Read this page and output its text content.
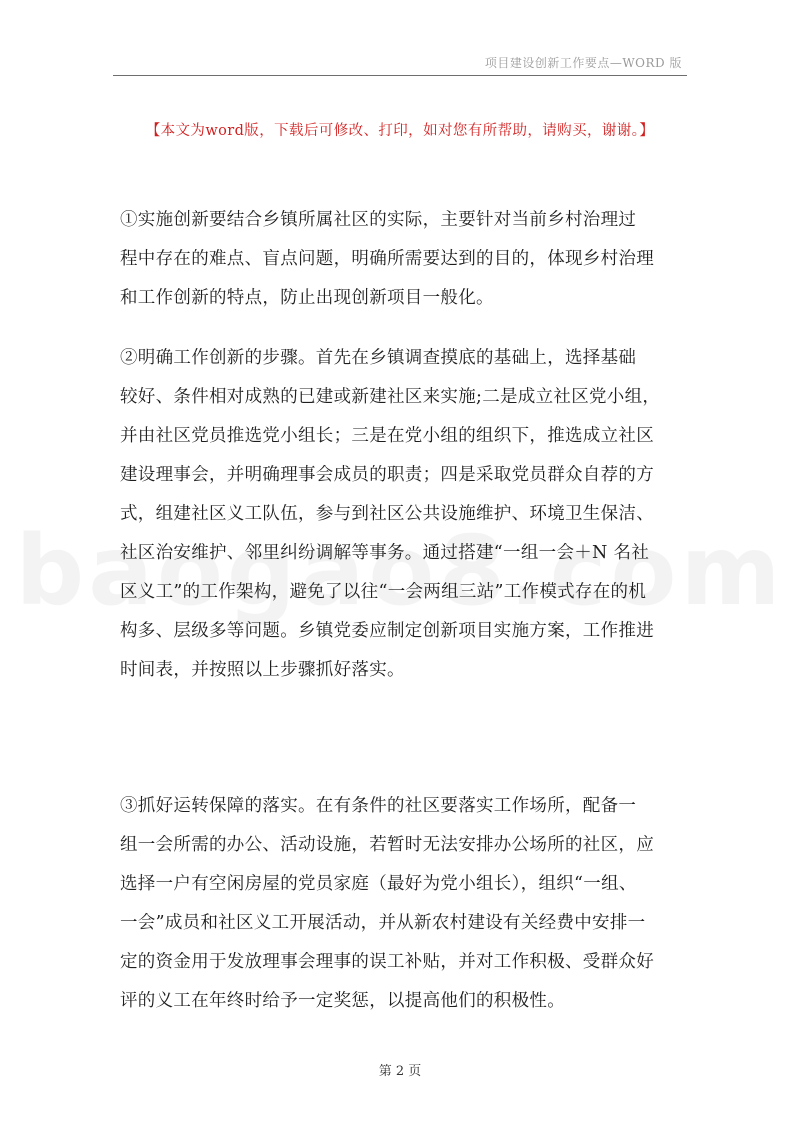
项目建设创新工作要点—WORD 版
【本文为word版，下载后可修改、打印，如对您有所帮助，请购买，谢谢。】
①实施创新要结合乡镇所属社区的实际，主要针对当前乡村治理过
程中存在的难点、盲点问题，明确所需要达到的目的，体现乡村治理
和工作创新的特点，防止出现创新项目一般化。
②明确工作创新的步骤。首先在乡镇调查摸底的基础上，选择基础
较好、条件相对成熟的已建或新建社区来实施;二是成立社区党小组，
并由社区党员推选党小组长；三是在党小组的组织下，推选成立社区
建设理事会，并明确理事会成员的职责；四是采取党员群众自荐的方
式，组建社区义工队伍，参与到社区公共设施维护、环境卫生保洁、
社区治安维护、邻里纠纷调解等事务。通过搭建“一组一会＋N 名社
区义工”的工作架构，避免了以往“一会两组三站”工作模式存在的机
构多、层级多等问题。乡镇党委应制定创新项目实施方案，工作推进
时间表，并按照以上步骤抓好落实。
③抓好运转保障的落实。在有条件的社区要落实工作场所，配备一
组一会所需的办公、活动设施，若暂时无法安排办公场所的社区，应
选择一户有空闲房屋的党员家庭（最好为党小组长），组织“一组、
一会”成员和社区义工开展活动，并从新农村建设有关经费中安排一
定的资金用于发放理事会理事的误工补贴，并对工作积极、受群众好
评的义工在年终时给予一定奖惩，以提高他们的积极性。
第 2 页
